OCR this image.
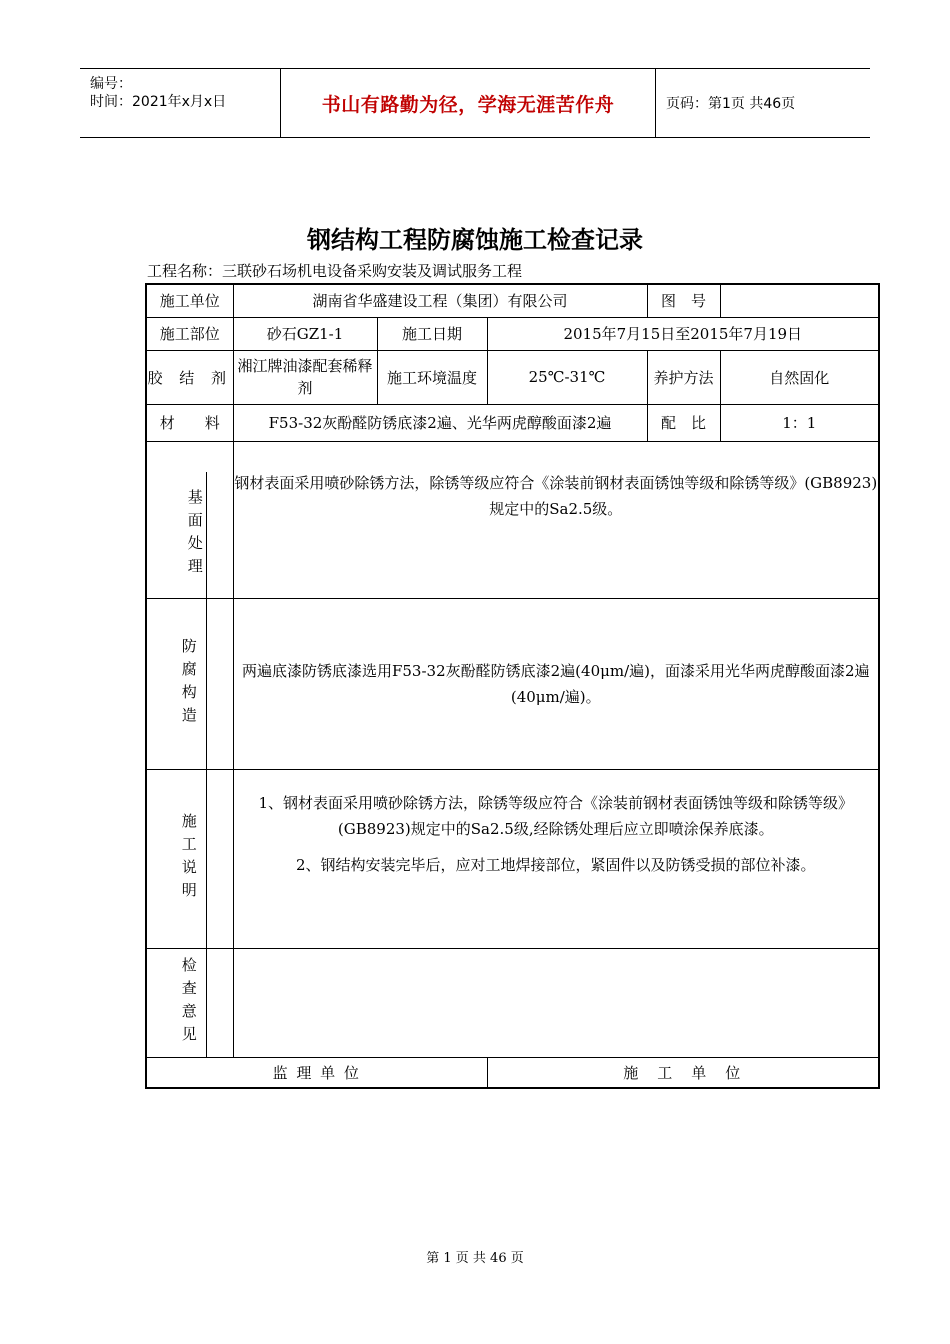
编号：
时间：2021年x月x日	书山有路勤为径，学海无涯苦作舟	页码：第1页 共46页
钢结构工程防腐蚀施工检查记录
工程名称：三联砂石场机电设备采购安装及调试服务工程
施工单位	湖南省华盛建设工程（集团）有限公司			图　号	
施工部位	砂石GZ1-1	施工日期	2015年7月15日至2015年7月19日		
胶 结 剂	湘江牌油漆配套稀释剂	施工环境温度	25℃-31℃	养护方法	自然固化
材　　料	F53-32灰酚醛防锈底漆2遍、光华两虎醇酸面漆2遍			配　比	1：1

基面处理	钢材表面采用喷砂除锈方法，除锈等级应符合《涂装前钢材表面锈蚀等级和除锈等级》(GB8923)规定中的Sa2.5级。				

防腐构造	两遍底漆防锈底漆选用F53-32灰酚醛防锈底漆2遍(40μm/遍)，面漆采用光华两虎醇酸面漆2遍(40μm/遍)。				

施工说明	1、钢材表面采用喷砂除锈方法，除锈等级应符合《涂装前钢材表面锈蚀等级和除锈等级》(GB8923)规定中的Sa2.5级,经除锈处理后应立即喷涂保养底漆。
2、钢结构安装完毕后，应对工地焊接部位，紧固件以及防锈受损的部位补漆。				

检查意见					

监 理 单 位			施　工　单　位		
第 1 页 共 46 页
